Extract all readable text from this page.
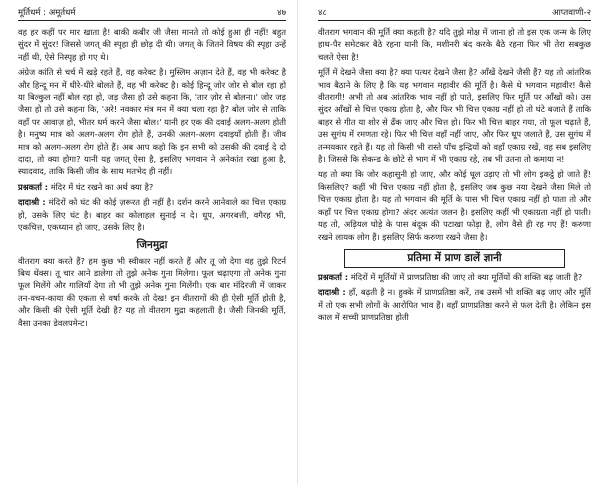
मूर्तिधर्म : अमूर्तधर्म	४७

वह हर कहीं पर मार खाता है! बाकी कबीर जी जैसा मानते तो कोई हुआ ही नहीं! बहुत सुंदर में सुंदर! जिससे जगत् की स्पृहा ही छोड़ दी थी। जगत् के जितने विषय की स्पृहा उन्हें नहीं थी, ऐसे निस्पृह हो गए थे।

अंग्रेज कांति से चर्च में खड़े रहते हैं, वह करेक्ट है। मुस्लिम अज़ान देते हैं, वह भी करेक्ट है और हिन्दू मन में धीरे-धीरे बोलते हैं, वह भी करेक्ट है। कोई हिन्दू जोर जोर से बोल रहा हो या बिल्कुल नहीं बोल रहा हो, जड़ जैसा हो उसे कहना कि, 'तार ज़ोर से बोलना।' जोर जड़ जैसा हो तो उसे कहना कि, 'अरे! नवकार मंत्र मन में क्या चला रहा है? बोल जोर से ताकि वहाँ पर आवाज़ हो, भीतर धर्म करने जैसा बोल।' यानी हर एक की दवाई अलग-अलग होती है। मनुष्य मात्र को अलग-अलग रोग होते हैं, उनकी अलग-अलग दवाइयाँ होती हैं। जीव मात्र को अलग-अलग रोग होते हैं। अब आप कहो कि इन सभी को उसकी की दवाई दे दो दादा, तो क्या होगा? यानी यह जगत् ऐसा है, इसलिए भगवान ने अनेकांत रखा हुआ है, स्यादवाद, ताकि किसी जीव के साथ मतभेद ही नहीं।

प्रश्नकर्ता : मंदिर में घंट रखने का अर्थ क्या है?

दादाश्री : मंदिरों को घंट की कोई ज़रूरत ही नहीं है। दर्शन करने आनेवाले का चित्त एकाग्र हो, उसके लिए घंट है। बाहर का कोलाहल सुनाई न दे। धूप, अगरबत्ती, वगैरह भी, एकचित्त, एकध्यान हो जाए, उसके लिए है।

जिनमुद्रा

वीतराग क्या करते हैं? हम कुछ भी स्वीकार नहीं करते हैं और तू जो देगा वह तुझे रिटर्न बिथ थेंक्स। तू चार आने डालेगा तो तुझे अनेक गुना मिलेगा। फूल चढ़ाएगा तो अनेक गुना फूल मिलेंगे और गालियाँ देगा तो भी तुझे अनेक गुना मिलेंगी। एक बार मंदिरजी में जाकर तन-वचन-काया की एकता से वर्षा करके तो देख! इन वीतरागों की ही ऐसी मूर्ति होती है, और किसी की ऐसी मूर्ति देखी है? यह तो वीतराग मुद्रा कहलाती है। जैसी जिनकी मूर्ति, वैसा उनका डेवलपमेन्ट।

४८	आप्तवाणी-२

वीतराग भगवान की मूर्ति क्या कहती है? यदि तुझे मोक्ष में जाना हो तो इस एक जन्म के लिए हाथ-पैर समेटकर बैठे रहना यानी कि, मशीनरी बंद करके बैठे रहना फिर भी तेरा सबकुछ चलते ऐसा है!

मूर्ति में देखने जैसा क्या है? क्या पत्थर देखने जैसा है? आँखें देखने जैसी हैं? यह तो आंतरिक भाव बैठाने के लिए है कि यह भगवान महावीर की मूर्ति है। कैसे थे भगवान महावीर! कैसे वीतरागी! अभी तो अब आंतरिक भाव नहीं हो पाते, इसलिए फिर मूर्ति पर आँखों को। उस सुंदर आँखों से चित्त एकाग्र होता है, और फिर भी चित्त एकाग्र नहीं हो तो घंटे बजाते हैं ताकि बाहर से गीत या शोर से ढँक जाए और चित्त हो। फिर भी चित्त बाहर गया, तो फूल चढ़ाते हैं, उस सुगंध में रमणता रहे। फिर भी चित्त वहाँ नहीं जाए, और फिर धूप जलाते हैं, उस सुगंध में तन्मयकार रहते हैं। यह तो किसी भी रास्ते पाँच इन्द्रियों को वहाँ एकाग्र रखें, वह सब इसलिए है। जिससे कि सेकन्ड के छोटे से भाग में भी एकाग्र रहे, तब भी उतना तो कमाया न!

यह तो क्या कि जोर कहासुनी हो जाए, और कोई धूल उड़ाए तो भी लोग इकट्ठे हो जाते हैं! किसलिए? कहीं भी चित्त एकाग्र नहीं होता है, इसलिए जब कुछ नया देखने जैसा मिले तो चित्त एकाग्र होता है। यह तो भगवान की मूर्ति के पास भी चित्त एकाग्र नहीं हो पाता तो और कहाँ पर चित्त एकाग्र होगा? अंदर अत्यंत जलन है। इसलिए कहीं भी एकाग्रता नहीं हो पाती। यह तो, अड़ियल घोड़े के पास बंदूक की पटाखा फोड़ा है, लोग वैसे ही रह गए हैं! करुणा रखने लायक लोग हैं। इसलिए सिर्फ करुणा रखने जैसा है।

प्रतिमा में प्राण डालें ज्ञानी

प्रश्नकर्ता : मंदिरों में मूर्तियों में प्राणप्रतिष्ठा की जाए तो क्या मूर्तियों की शक्ति बढ़ जाती है?

दादाश्री : हाँ, बढ़ती है न। हुक्के में प्राणप्रतिष्ठा करें, तब उसमें भी शक्ति बढ़ जाए और मूर्ति में तो एक सभी लोगों के आरोपित भाव हैं। वहाँ प्राणप्रतिष्ठा करने से फल देती है। लेकिन इस काल में सच्ची प्राणप्रतिष्ठा होती
